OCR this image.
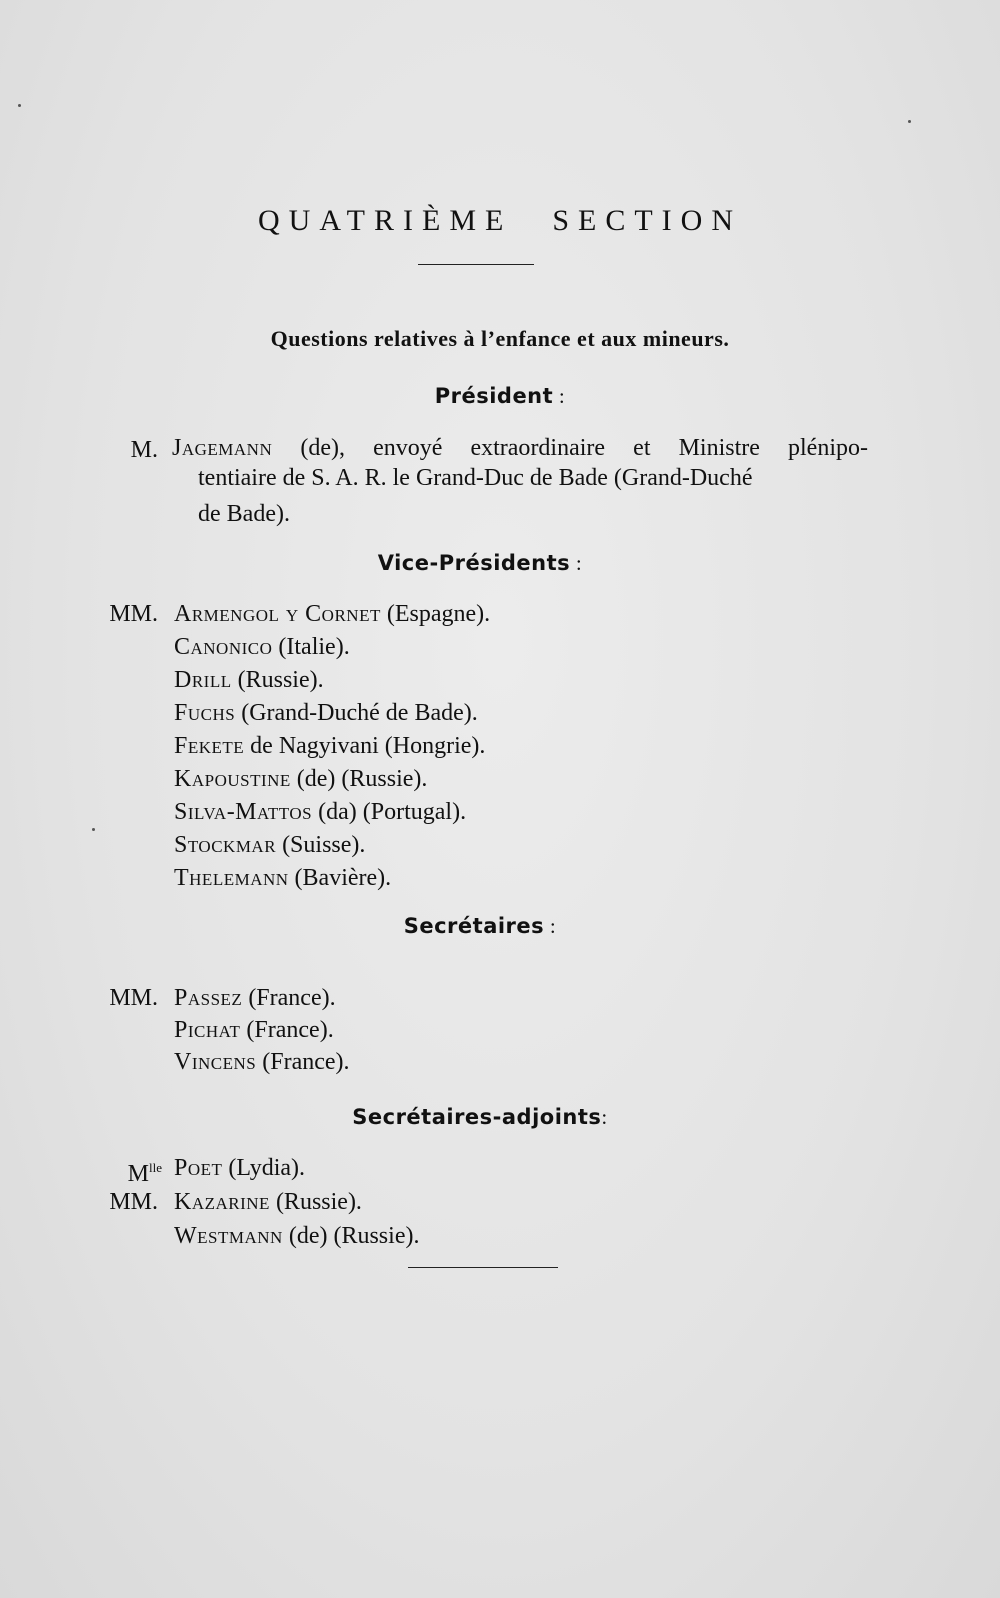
QUATRIÈME SECTION
Questions relatives à l’enfance et aux mineurs.
Président :
M. Jagemann (de), envoyé extraordinaire et Ministre plénipo-
tentiaire de S. A. R. le Grand-Duc de Bade (Grand-Duché
de Bade).
Vice-Présidents :
MM. Armengol y Cornet (Espagne).
Canonico (Italie).
Drill (Russie).
Fuchs (Grand-Duché de Bade).
Fekete de Nagyivani (Hongrie).
Kapoustine (de) (Russie).
Silva-Mattos (da) (Portugal).
Stockmar (Suisse).
Thelemann (Bavière).
Secrétaires :
MM. Passez (France).
Pichat (France).
Vincens (France).
Secrétaires-adjoints:
$M^{lle}$ Poet (Lydia).
MM. Kazarine (Russie).
Westmann (de) (Russie).
